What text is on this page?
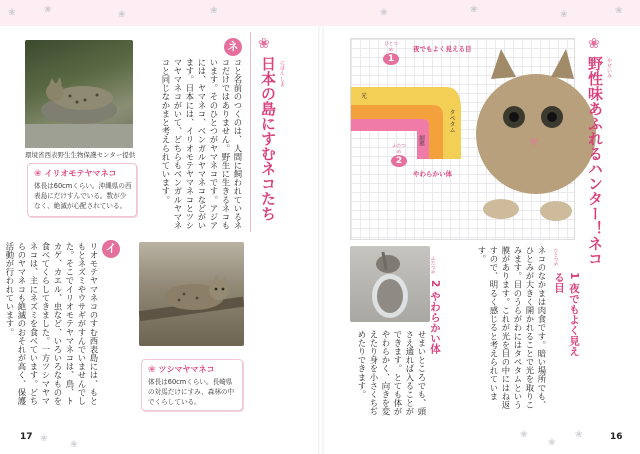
❀	❀	❀	❀	❀	❀	❀	❀
環境省西表野生生物保護センター提供
❀ イリオモテヤマネコ
体長は60cmくらい。沖縄県の西表島にだけすんでいる。数が少なく、絶滅が心配されている。
ネ
コと名前のつくのは、人間に飼われているネコだけではありません。野生に生きるネコもいます。そのひとつがヤマネコです。アジアには、ヤマネコ、ベンガルヤマネコなどがいます。日本には、イリオモテヤマネコとツシマヤマネコがいて、どちらもベンガルヤマネコと同じなかまと考えられています。
❀
日本の島にすむネコたち にほん しま
❀ ツシマヤマネコ
体長は60cmくらい。長崎県の対馬だけにすみ、森林の中でくらしている。
イ
リオモテヤマネコのすむ西表島には、もともとネズミやウサギがすんでいませんでした。そこでイリオモテヤマネコは、鳥、トカゲ、カエル、虫など、いろいろなものを食べてくらしてきました。一方ツシマヤマネコは、主にネズミを食べています。どちらのヤマネコも絶滅のおそれが高く、保護活動が行われています。
17
ひとつめ
1
夜でもよく見える目
光
タペタム
網膜
ふたつめ
2
やわらかい体
❀
野性味あふれるハンター！ネコ やせいみ
ひとつめ
1 夜でもよく見える目
ネコのなかまは肉食です。暗い場所でも、ひとみが大きく開かれることで光を取りこみます。目のうらがわにはタペタムという膜があります。これが光を目の中にはね返すので、明るく感じると考えられています。
ふたつめ
2 やわらかい体
せまいところでも、頭さえ通れば入ることができます。とても体がやわらかく、向きを変えたり身を小さくちぢめたりできます。
16
❀
❀
❀
❀
❀
